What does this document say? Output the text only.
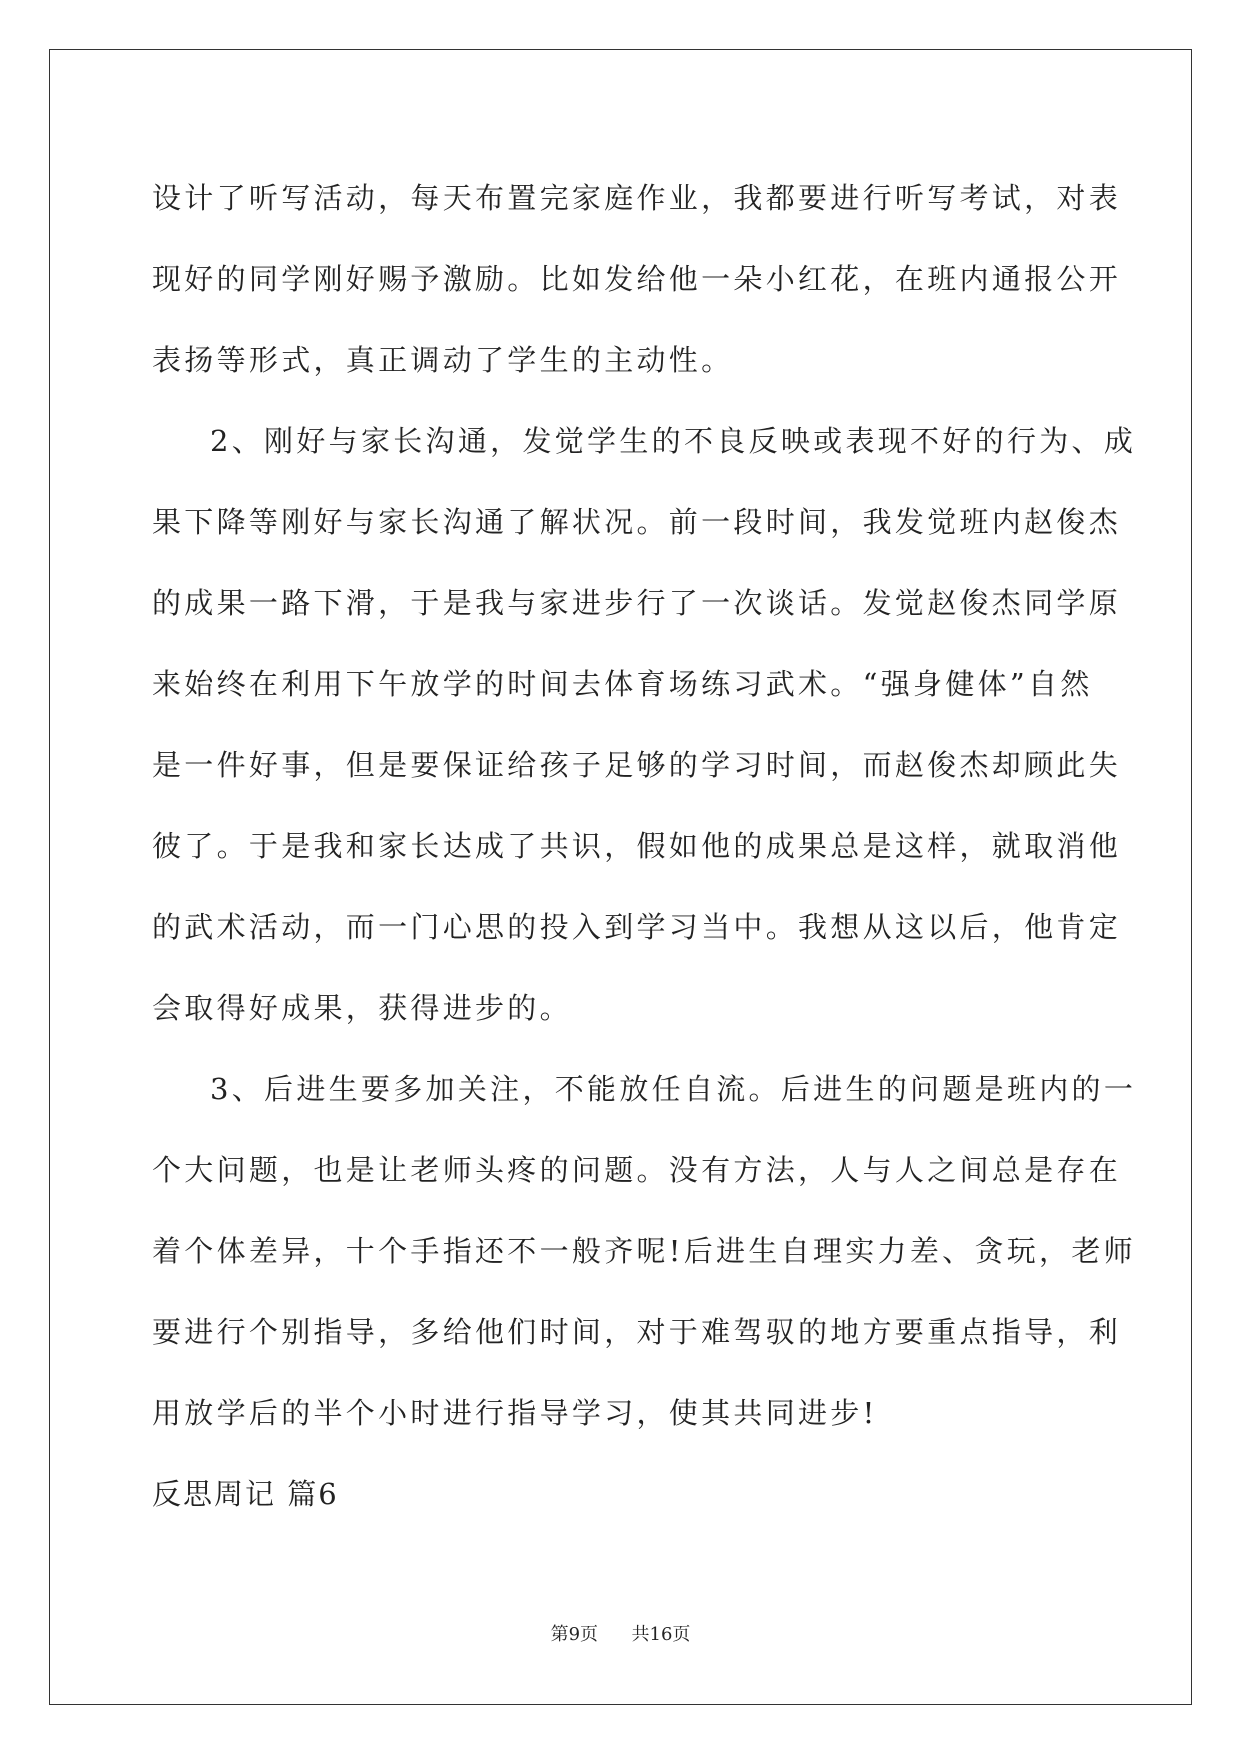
设计了听写活动，每天布置完家庭作业，我都要进行听写考试，对表

现好的同学刚好赐予激励。比如发给他一朵小红花，在班内通报公开

表扬等形式，真正调动了学生的主动性。

2、刚好与家长沟通，发觉学生的不良反映或表现不好的行为、成

果下降等刚好与家长沟通了解状况。前一段时间，我发觉班内赵俊杰

的成果一路下滑，于是我与家进步行了一次谈话。发觉赵俊杰同学原

来始终在利用下午放学的时间去体育场练习武术。“强身健体”自然

是一件好事，但是要保证给孩子足够的学习时间，而赵俊杰却顾此失

彼了。于是我和家长达成了共识，假如他的成果总是这样，就取消他

的武术活动，而一门心思的投入到学习当中。我想从这以后，他肯定

会取得好成果，获得进步的。

3、后进生要多加关注，不能放任自流。后进生的问题是班内的一

个大问题，也是让老师头疼的问题。没有方法，人与人之间总是存在

着个体差异，十个手指还不一般齐呢!后进生自理实力差、贪玩，老师

要进行个别指导，多给他们时间，对于难驾驭的地方要重点指导，利

用放学后的半个小时进行指导学习，使其共同进步!

反思周记 篇6

第9页 共16页
